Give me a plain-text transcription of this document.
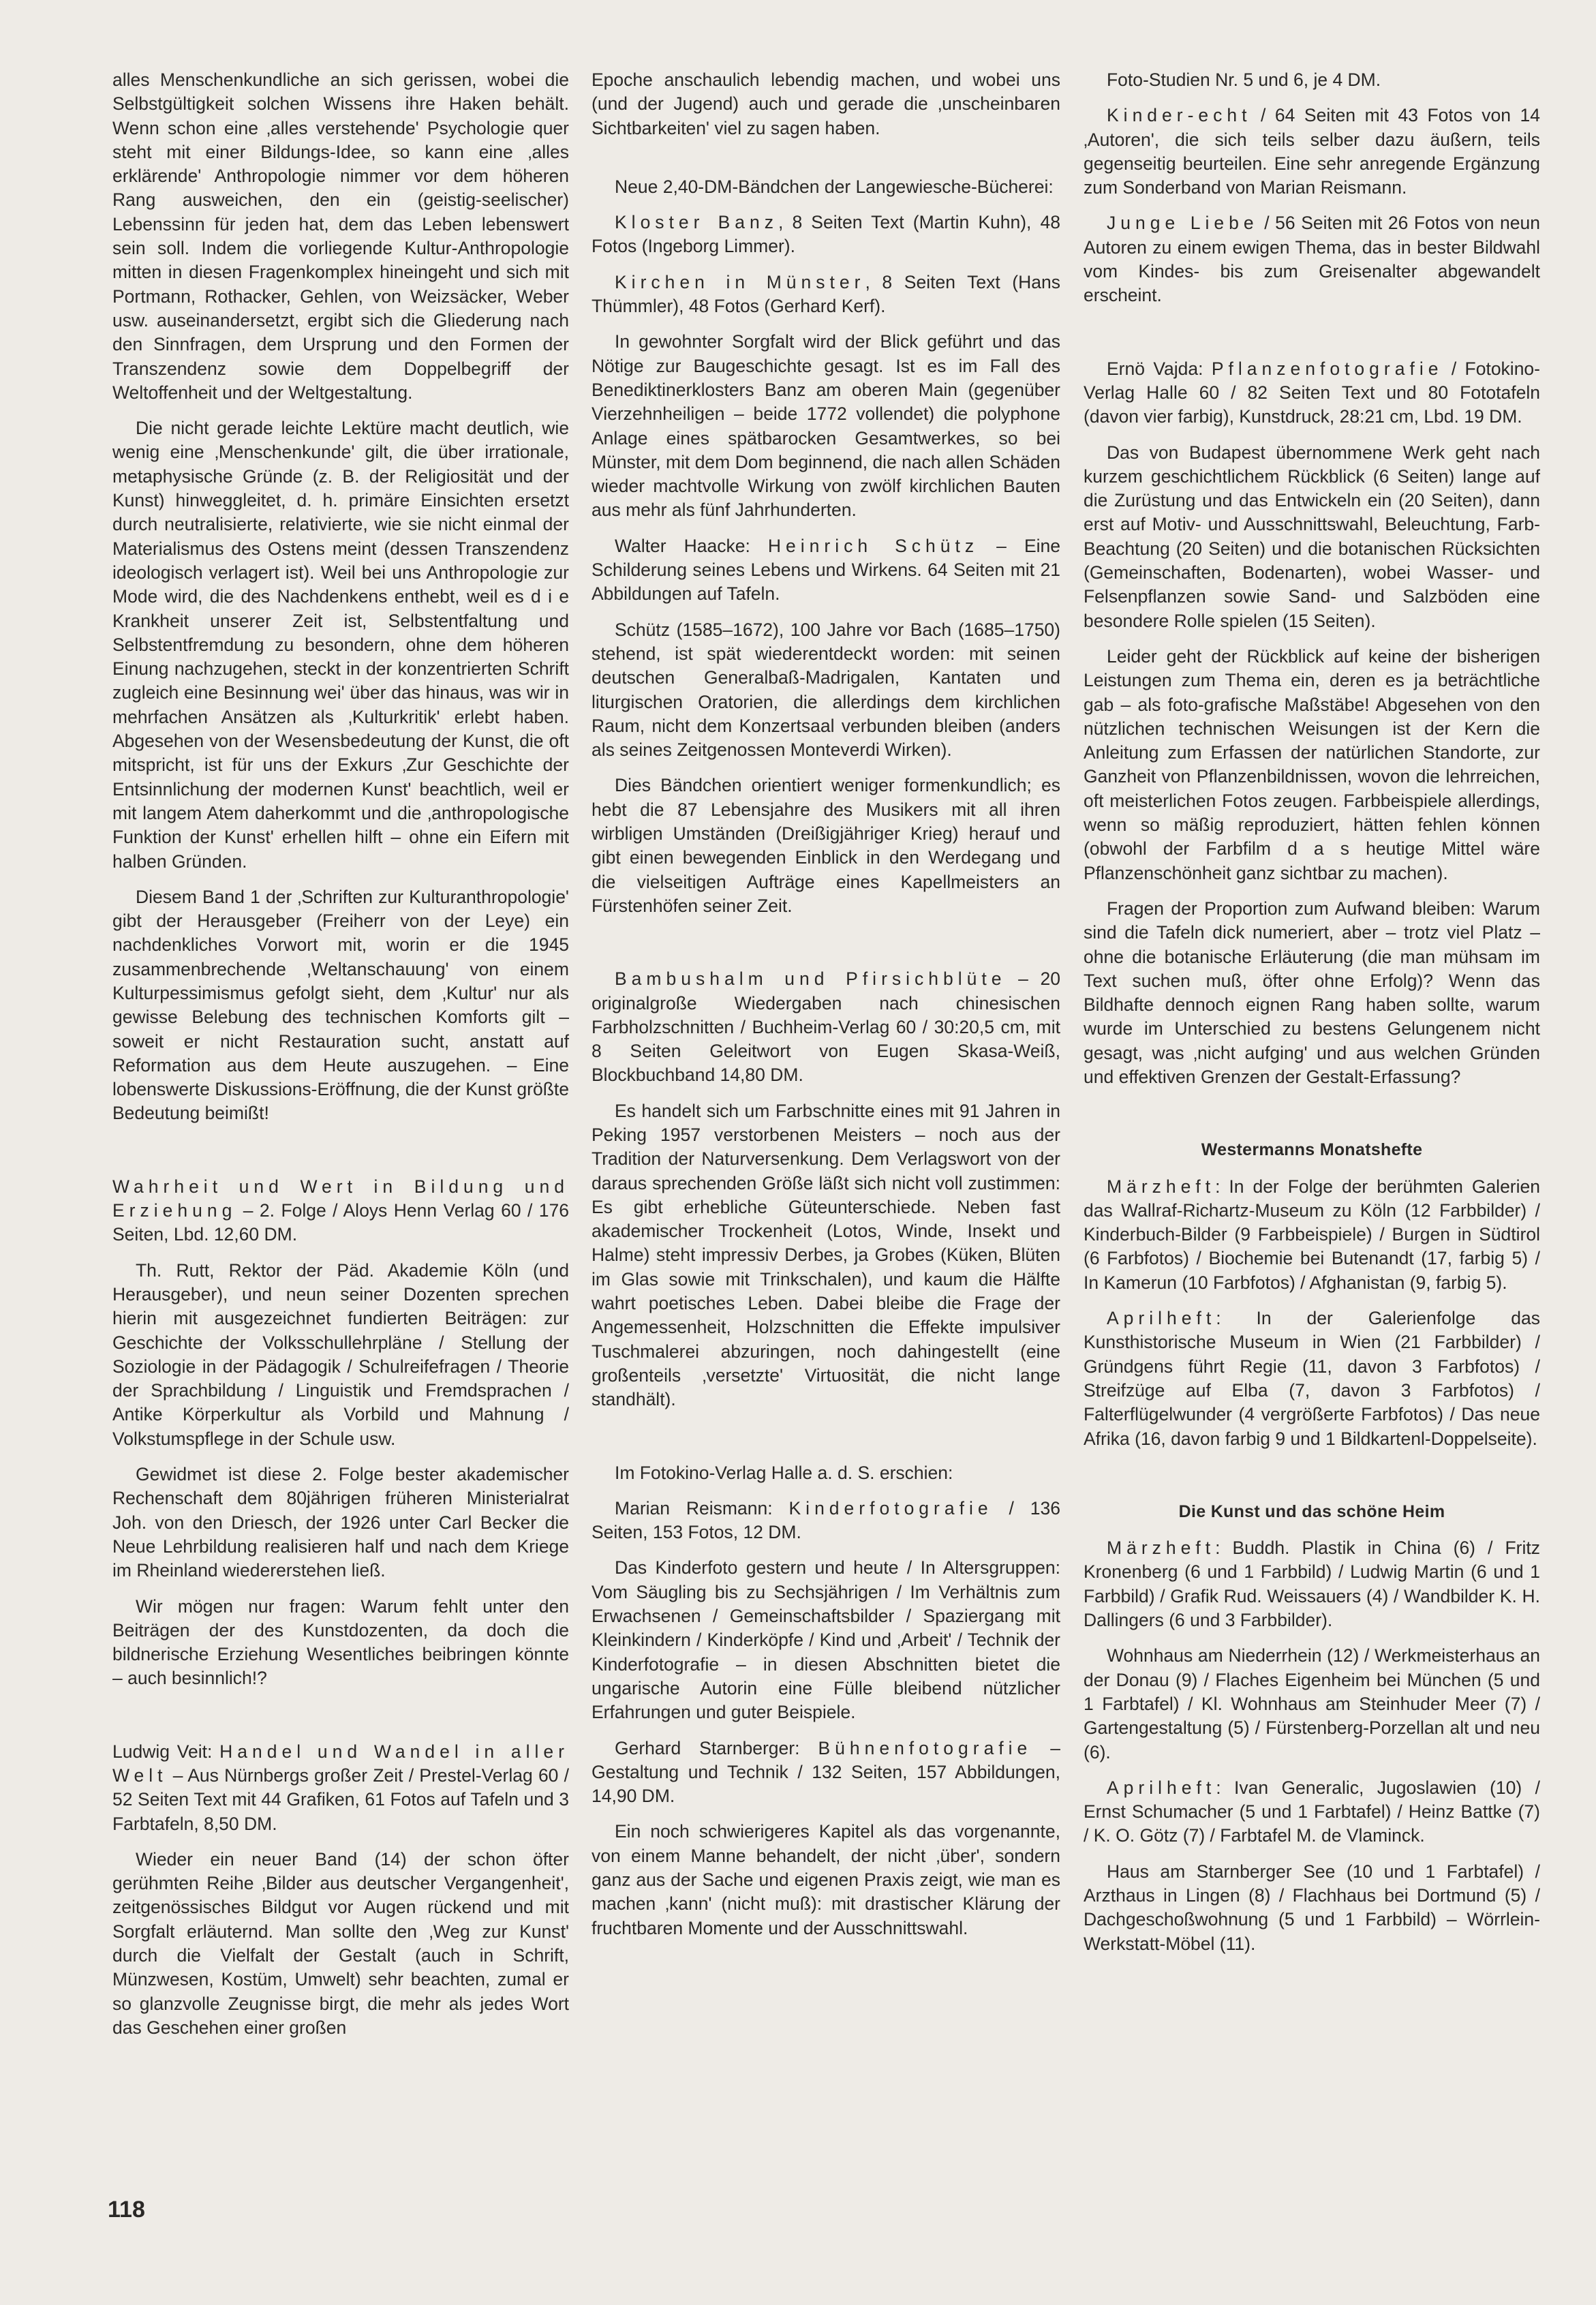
alles Menschenkundliche an sich gerissen, wobei die Selbstgültigkeit solchen Wissens ihre Haken behält. Wenn schon eine ‚alles verstehende' Psychologie quer steht mit einer Bildungs-Idee, so kann eine ‚alles erklärende' Anthropologie nimmer vor dem höheren Rang ausweichen, den ein (geistig-seelischer) Lebenssinn für jeden hat, dem das Leben lebenswert sein soll. Indem die vorliegende Kultur-Anthropologie mitten in diesen Fragenkomplex hineingeht und sich mit Portmann, Rothacker, Gehlen, von Weizsäcker, Weber usw. auseinandersetzt, ergibt sich die Gliederung nach den Sinnfragen, dem Ursprung und den Formen der Transzendenz sowie dem Doppelbegriff der Weltoffenheit und der Weltgestaltung.

Die nicht gerade leichte Lektüre macht deutlich, wie wenig eine ‚Menschenkunde' gilt, die über irrationale, metaphysische Gründe (z. B. der Religiosität und der Kunst) hinweggleitet, d. h. primäre Einsichten ersetzt durch neutralisierte, relativierte, wie sie nicht einmal der Materialismus des Ostens meint (dessen Transzendenz ideologisch verlagert ist). Weil bei uns Anthropologie zur Mode wird, die des Nachdenkens enthebt, weil es d i e Krankheit unserer Zeit ist, Selbstentfaltung und Selbstentfremdung zu besondern, ohne dem höheren Einung nachzugehen, steckt in der konzentrierten Schrift zugleich eine Besinnung wei' über das hinaus, was wir in mehrfachen Ansätzen als ‚Kulturkritik' erlebt haben. Abgesehen von der Wesensbedeutung der Kunst, die oft mitspricht, ist für uns der Exkurs ‚Zur Geschichte der Entsinnlichung der modernen Kunst' beachtlich, weil er mit langem Atem daherkommt und die ‚anthropologische Funktion der Kunst' erhellen hilft – ohne ein Eifern mit halben Gründen.

Diesem Band 1 der ‚Schriften zur Kulturanthropologie' gibt der Herausgeber (Freiherr von der Leye) ein nachdenkliches Vorwort mit, worin er die 1945 zusammenbrechende ‚Weltanschauung' von einem Kulturpessimismus gefolgt sieht, dem ‚Kultur' nur als gewisse Belebung des technischen Komforts gilt – soweit er nicht Restauration sucht, anstatt auf Reformation aus dem Heute auszugehen. – Eine lobenswerte Diskussions-Eröffnung, die der Kunst größte Bedeutung beimißt!

Wahrheit und Wert in Bildung und Erziehung – 2. Folge / Aloys Henn Verlag 60 / 176 Seiten, Lbd. 12,60 DM.

Th. Rutt, Rektor der Päd. Akademie Köln (und Herausgeber), und neun seiner Dozenten sprechen hierin mit ausgezeichnet fundierten Beiträgen: zur Geschichte der Volksschullehrpläne / Stellung der Soziologie in der Pädagogik / Schulreifefragen / Theorie der Sprachbildung / Linguistik und Fremdsprachen / Antike Körperkultur als Vorbild und Mahnung / Volkstumspflege in der Schule usw.

Gewidmet ist diese 2. Folge bester akademischer Rechenschaft dem 80jährigen früheren Ministerialrat Joh. von den Driesch, der 1926 unter Carl Becker die Neue Lehrbildung realisieren half und nach dem Kriege im Rheinland wiedererstehen ließ.

Wir mögen nur fragen: Warum fehlt unter den Beiträgen der des Kunstdozenten, da doch die bildnerische Erziehung Wesentliches beibringen könnte – auch besinnlich!?

Ludwig Veit: Handel und Wandel in aller Welt – Aus Nürnbergs großer Zeit / Prestel-Verlag 60 / 52 Seiten Text mit 44 Grafiken, 61 Fotos auf Tafeln und 3 Farbtafeln, 8,50 DM.

Wieder ein neuer Band (14) der schon öfter gerühmten Reihe ‚Bilder aus deutscher Vergangenheit', zeitgenössisches Bildgut vor Augen rückend und mit Sorgfalt erläuternd. Man sollte den ‚Weg zur Kunst' durch die Vielfalt der Gestalt (auch in Schrift, Münzwesen, Kostüm, Umwelt) sehr beachten, zumal er so glanzvolle Zeugnisse birgt, die mehr als jedes Wort das Geschehen einer großen

Epoche anschaulich lebendig machen, und wobei uns (und der Jugend) auch und gerade die ‚unscheinbaren Sichtbarkeiten' viel zu sagen haben.

Neue 2,40-DM-Bändchen der Langewiesche-Bücherei:

Kloster Banz, 8 Seiten Text (Martin Kuhn), 48 Fotos (Ingeborg Limmer).

Kirchen in Münster, 8 Seiten Text (Hans Thümmler), 48 Fotos (Gerhard Kerf).

In gewohnter Sorgfalt wird der Blick geführt und das Nötige zur Baugeschichte gesagt. Ist es im Fall des Benediktinerklosters Banz am oberen Main (gegenüber Vierzehnheiligen – beide 1772 vollendet) die polyphone Anlage eines spätbarocken Gesamtwerkes, so bei Münster, mit dem Dom beginnend, die nach allen Schäden wieder machtvolle Wirkung von zwölf kirchlichen Bauten aus mehr als fünf Jahrhunderten.

Walter Haacke: Heinrich Schütz – Eine Schilderung seines Lebens und Wirkens. 64 Seiten mit 21 Abbildungen auf Tafeln.

Schütz (1585–1672), 100 Jahre vor Bach (1685–1750) stehend, ist spät wiederentdeckt worden: mit seinen deutschen Generalbaß-Madrigalen, Kantaten und liturgischen Oratorien, die allerdings dem kirchlichen Raum, nicht dem Konzertsaal verbunden bleiben (anders als seines Zeitgenossen Monteverdi Wirken).

Dies Bändchen orientiert weniger formenkundlich; es hebt die 87 Lebensjahre des Musikers mit all ihren wirbligen Umständen (Dreißigjähriger Krieg) herauf und gibt einen bewegenden Einblick in den Werdegang und die vielseitigen Aufträge eines Kapellmeisters an Fürstenhöfen seiner Zeit.

Bambushalm und Pfirsichblüte – 20 originalgroße Wiedergaben nach chinesischen Farbholzschnitten / Buchheim-Verlag 60 / 30:20,5 cm, mit 8 Seiten Geleitwort von Eugen Skasa-Weiß, Blockbuchband 14,80 DM.

Es handelt sich um Farbschnitte eines mit 91 Jahren in Peking 1957 verstorbenen Meisters – noch aus der Tradition der Naturversenkung. Dem Verlagswort von der daraus sprechenden Größe läßt sich nicht voll zustimmen: Es gibt erhebliche Güteunterschiede. Neben fast akademischer Trockenheit (Lotos, Winde, Insekt und Halme) steht impressiv Derbes, ja Grobes (Küken, Blüten im Glas sowie mit Trinkschalen), und kaum die Hälfte wahrt poetisches Leben. Dabei bleibe die Frage der Angemessenheit, Holzschnitten die Effekte impulsiver Tuschmalerei abzuringen, noch dahingestellt (eine großenteils ‚versetzte' Virtuosität, die nicht lange standhält).

Im Fotokino-Verlag Halle a. d. S. erschien:

Marian Reismann: Kinderfotografie / 136 Seiten, 153 Fotos, 12 DM.

Das Kinderfoto gestern und heute / In Altersgruppen: Vom Säugling bis zu Sechsjährigen / Im Verhältnis zum Erwachsenen / Gemeinschaftsbilder / Spaziergang mit Kleinkindern / Kinderköpfe / Kind und ‚Arbeit' / Technik der Kinderfotografie – in diesen Abschnitten bietet die ungarische Autorin eine Fülle bleibend nützlicher Erfahrungen und guter Beispiele.

Gerhard Starnberger: Bühnenfotografie – Gestaltung und Technik / 132 Seiten, 157 Abbildungen, 14,90 DM.

Ein noch schwierigeres Kapitel als das vorgenannte, von einem Manne behandelt, der nicht ‚über', sondern ganz aus der Sache und eigenen Praxis zeigt, wie man es machen ‚kann' (nicht muß): mit drastischer Klärung der fruchtbaren Momente und der Ausschnittswahl.

Foto-Studien Nr. 5 und 6, je 4 DM.

Kinder-echt / 64 Seiten mit 43 Fotos von 14 ‚Autoren', die sich teils selber dazu äußern, teils gegenseitig beurteilen. Eine sehr anregende Ergänzung zum Sonderband von Marian Reismann.

Junge Liebe / 56 Seiten mit 26 Fotos von neun Autoren zu einem ewigen Thema, das in bester Bildwahl vom Kindes- bis zum Greisenalter abgewandelt erscheint.

Ernö Vajda: Pflanzenfotografie / Fotokino-Verlag Halle 60 / 82 Seiten Text und 80 Fototafeln (davon vier farbig), Kunstdruck, 28:21 cm, Lbd. 19 DM.

Das von Budapest übernommene Werk geht nach kurzem geschichtlichem Rückblick (6 Seiten) lange auf die Zurüstung und das Entwickeln ein (20 Seiten), dann erst auf Motiv- und Ausschnittswahl, Beleuchtung, Farb-Beachtung (20 Seiten) und die botanischen Rücksichten (Gemeinschaften, Bodenarten), wobei Wasser- und Felsenpflanzen sowie Sand- und Salzböden eine besondere Rolle spielen (15 Seiten).

Leider geht der Rückblick auf keine der bisherigen Leistungen zum Thema ein, deren es ja beträchtliche gab – als foto-grafische Maßstäbe! Abgesehen von den nützlichen technischen Weisungen ist der Kern die Anleitung zum Erfassen der natürlichen Standorte, zur Ganzheit von Pflanzenbildnissen, wovon die lehrreichen, oft meisterlichen Fotos zeugen. Farbbeispiele allerdings, wenn so mäßig reproduziert, hätten fehlen können (obwohl der Farbfilm d a s heutige Mittel wäre Pflanzenschönheit ganz sichtbar zu machen).

Fragen der Proportion zum Aufwand bleiben: Warum sind die Tafeln dick numeriert, aber – trotz viel Platz – ohne die botanische Erläuterung (die man mühsam im Text suchen muß, öfter ohne Erfolg)? Wenn das Bildhafte dennoch eignen Rang haben sollte, warum wurde im Unterschied zu bestens Gelungenem nicht gesagt, was ‚nicht aufging' und aus welchen Gründen und effektiven Grenzen der Gestalt-Erfassung?

Westermanns Monatshefte

Märzheft: In der Folge der berühmten Galerien das Wallraf-Richartz-Museum zu Köln (12 Farbbilder) / Kinderbuch-Bilder (9 Farbbeispiele) / Burgen in Südtirol (6 Farbfotos) / Biochemie bei Butenandt (17, farbig 5) / In Kamerun (10 Farbfotos) / Afghanistan (9, farbig 5).

Aprilheft: In der Galerienfolge das Kunsthistorische Museum in Wien (21 Farbbilder) / Gründgens führt Regie (11, davon 3 Farbfotos) / Streifzüge auf Elba (7, davon 3 Farbfotos) / Falterflügelwunder (4 vergrößerte Farbfotos) / Das neue Afrika (16, davon farbig 9 und 1 Bildkartenl-Doppelseite).

Die Kunst und das schöne Heim

Märzheft: Buddh. Plastik in China (6) / Fritz Kronenberg (6 und 1 Farbbild) / Ludwig Martin (6 und 1 Farbbild) / Grafik Rud. Weissauers (4) / Wandbilder K. H. Dallingers (6 und 3 Farbbilder).

Wohnhaus am Niederrhein (12) / Werkmeisterhaus an der Donau (9) / Flaches Eigenheim bei München (5 und 1 Farbtafel) / Kl. Wohnhaus am Steinhuder Meer (7) / Gartengestaltung (5) / Fürstenberg-Porzellan alt und neu (6).

Aprilheft: Ivan Generalic, Jugoslawien (10) / Ernst Schumacher (5 und 1 Farbtafel) / Heinz Battke (7) / K. O. Götz (7) / Farbtafel M. de Vlaminck.

Haus am Starnberger See (10 und 1 Farbtafel) / Arzthaus in Lingen (8) / Flachhaus bei Dortmund (5) / Dachgeschoßwohnung (5 und 1 Farbbild) – Wörrlein-Werkstatt-Möbel (11).

118
